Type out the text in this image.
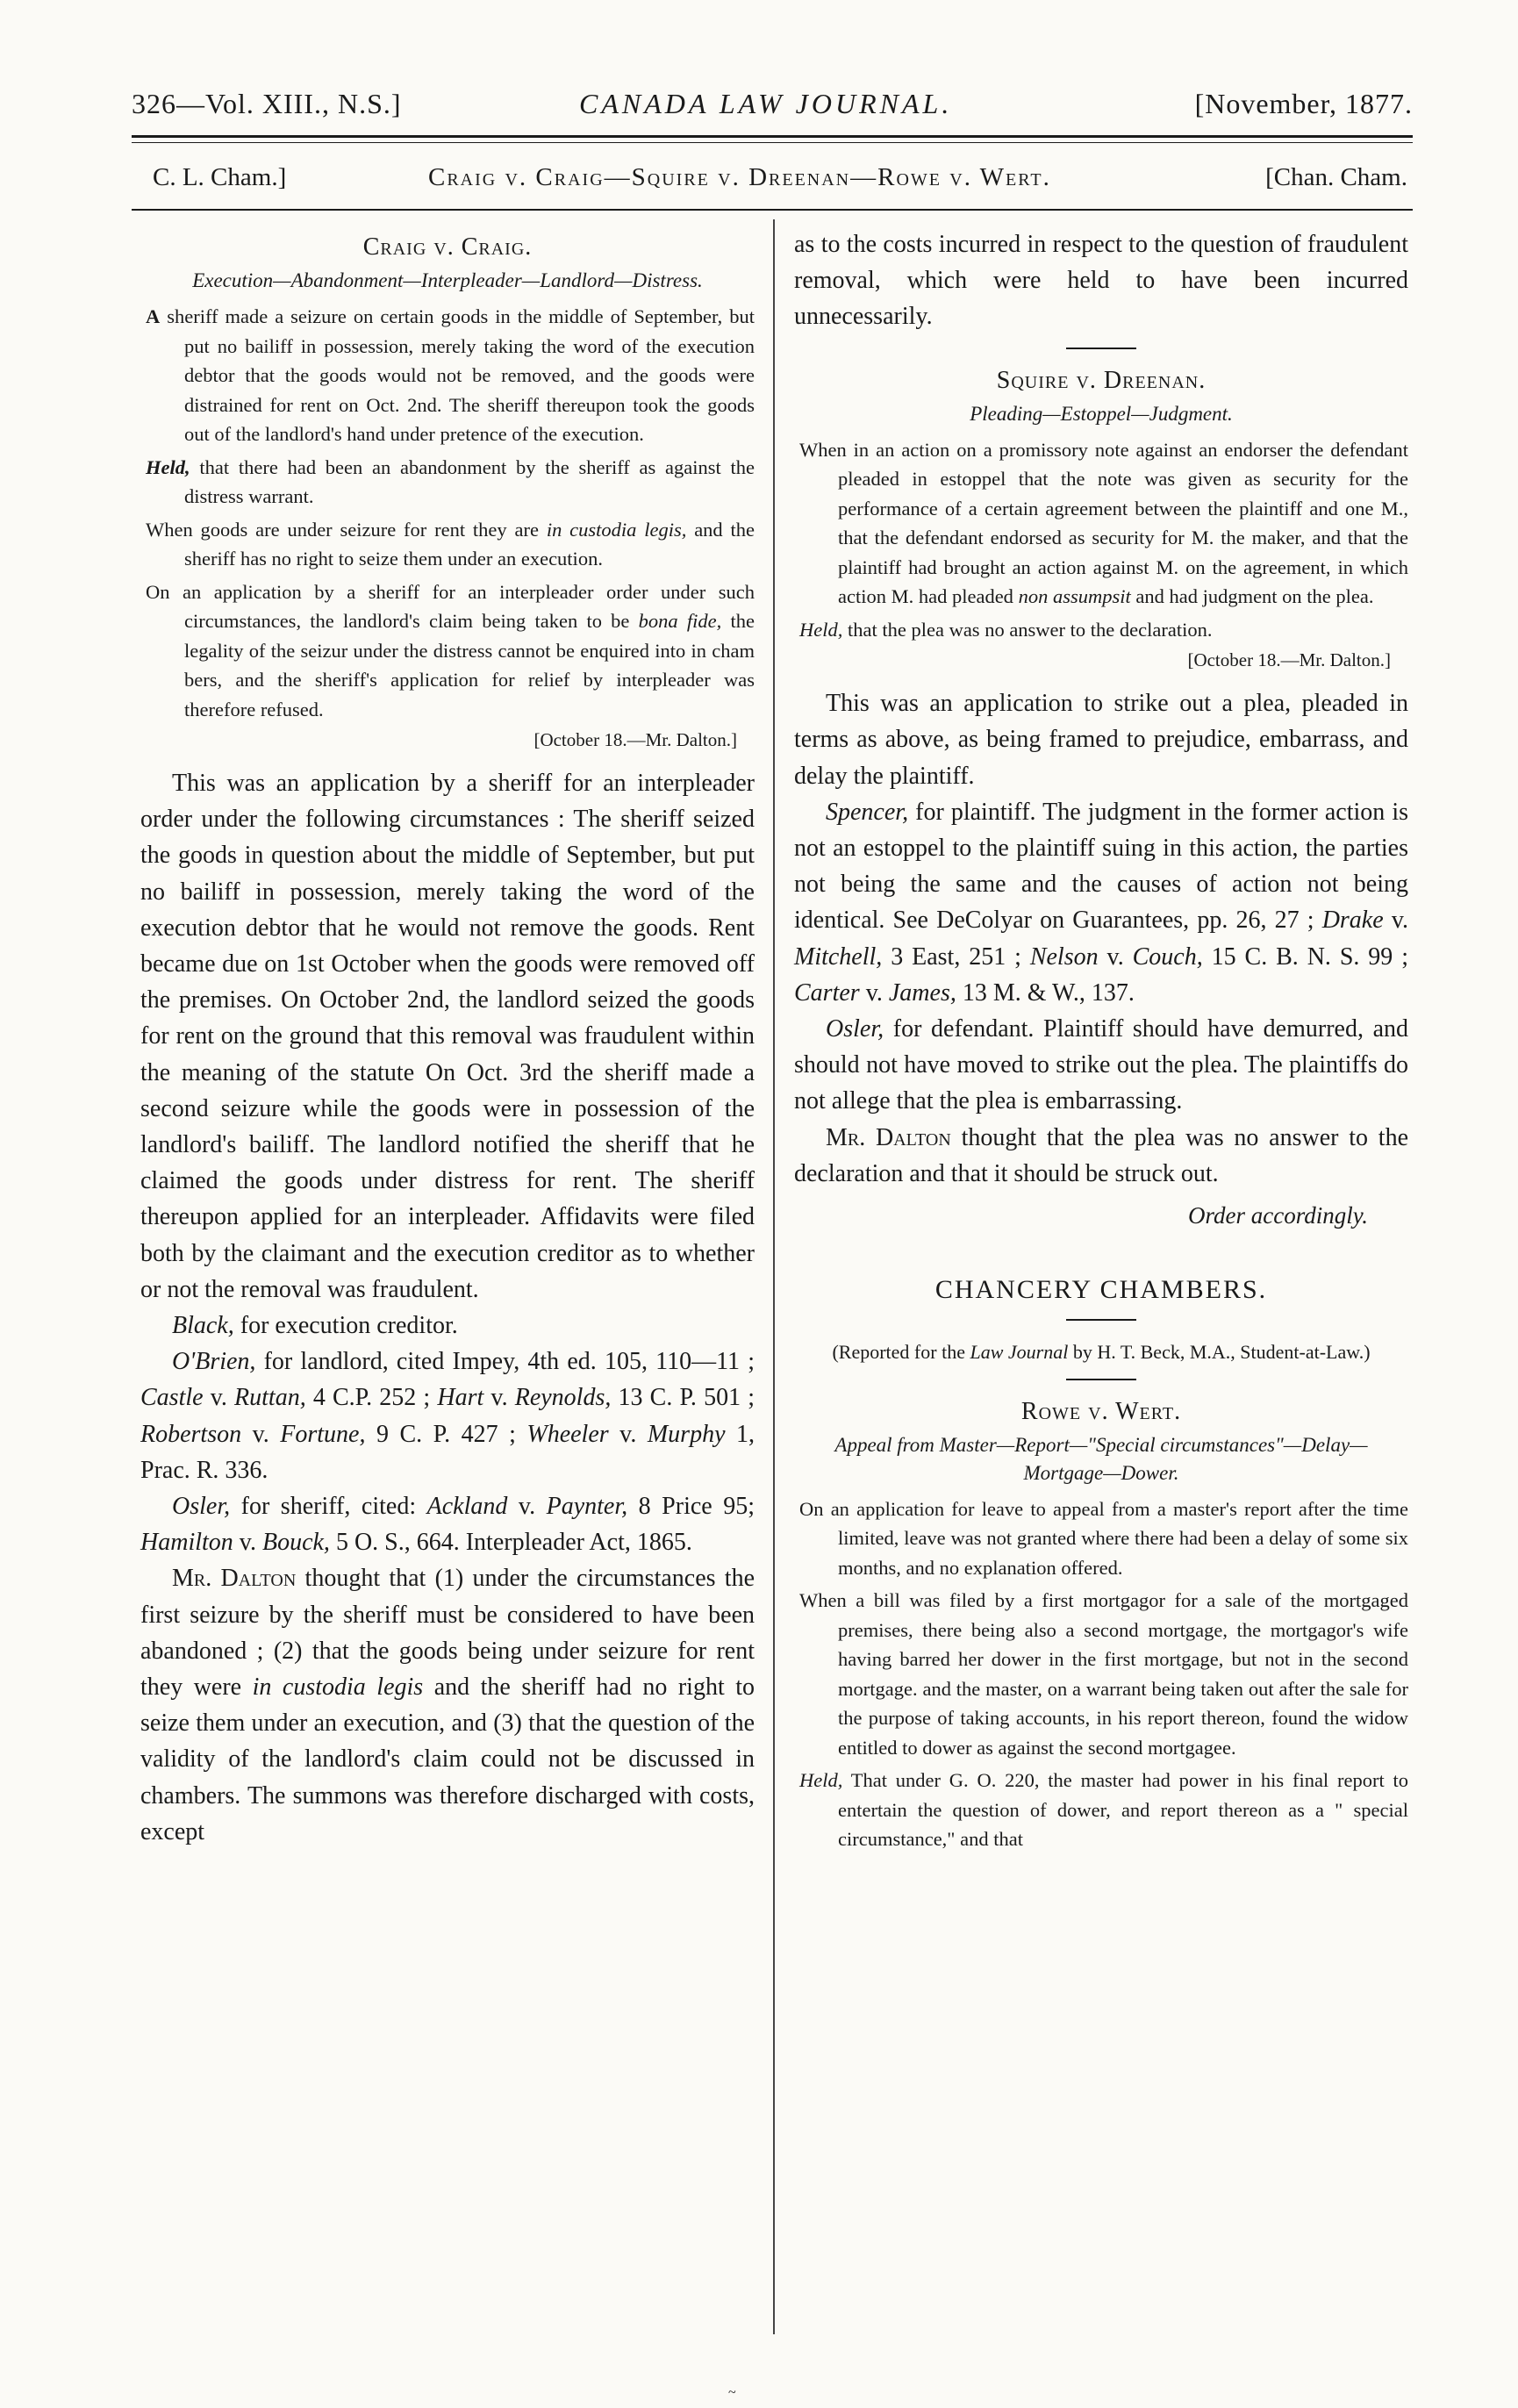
326—Vol. XIII., N.S.]	CANADA LAW JOURNAL.	[November, 1877.
C. L. Cham.]	Craig v. Craig—Squire v. Dreenan—Rowe v. Wert.	[Chan. Cham.
Craig v. Craig.
Execution—Abandonment—Interpleader—Landlord—Distress.

A sheriff made a seizure on certain goods in the middle of September, but put no bailiff in possession, merely taking the word of the execution debtor that the goods would not be removed, and the goods were distrained for rent on Oct. 2nd. The sheriff thereupon took the goods out of the landlord's hand under pretence of the execution.

Held, that there had been an abandonment by the sheriff as against the distress warrant.

When goods are under seizure for rent they are in custodia legis, and the sheriff has no right to seize them under an execution.

On an application by a sheriff for an interpleader order under such circumstances, the landlord's claim being taken to be bona fide, the legality of the seizur under the distress cannot be enquired into in cham bers, and the sheriff's application for relief by interpleader was therefore refused.

[October 18.—Mr. Dalton.]

This was an application by a sheriff for an interpleader order under the following circumstances : The sheriff seized the goods in question about the middle of September, but put no bailiff in possession, merely taking the word of the execution debtor that he would not remove the goods. Rent became due on 1st October when the goods were removed off the premises. On October 2nd, the landlord seized the goods for rent on the ground that this removal was fraudulent within the meaning of the statute On Oct. 3rd the sheriff made a second seizure while the goods were in possession of the landlord's bailiff. The landlord notified the sheriff that he claimed the goods under distress for rent. The sheriff thereupon applied for an interpleader. Affidavits were filed both by the claimant and the execution creditor as to whether or not the removal was fraudulent.

Black, for execution creditor.

O'Brien, for landlord, cited Impey, 4th ed. 105, 110—11 ; Castle v. Ruttan, 4 C.P. 252 ; Hart v. Reynolds, 13 C. P. 501 ; Robertson v. Fortune, 9 C. P. 427 ; Wheeler v. Murphy 1, Prac. R. 336.

Osler, for sheriff, cited: Ackland v. Paynter, 8 Price 95; Hamilton v. Bouck, 5 O. S., 664. Interpleader Act, 1865.

Mr. Dalton thought that (1) under the circumstances the first seizure by the sheriff must be considered to have been abandoned ; (2) that the goods being under seizure for rent they were in custodia legis and the sheriff had no right to seize them under an execution, and (3) that the question of the validity of the landlord's claim could not be discussed in chambers. The summons was therefore discharged with costs, except

as to the costs incurred in respect to the question of fraudulent removal, which were held to have been incurred unnecessarily.

Squire v. Dreenan.
Pleading—Estoppel—Judgment.

When in an action on a promissory note against an endorser the defendant pleaded in estoppel that the note was given as security for the performance of a certain agreement between the plaintiff and one M., that the defendant endorsed as security for M. the maker, and that the plaintiff had brought an action against M. on the agreement, in which action M. had pleaded non assumpsit and had judgment on the plea.

Held, that the plea was no answer to the declaration.

[October 18.—Mr. Dalton.]

This was an application to strike out a plea, pleaded in terms as above, as being framed to prejudice, embarrass, and delay the plaintiff.

Spencer, for plaintiff. The judgment in the former action is not an estoppel to the plaintiff suing in this action, the parties not being the same and the causes of action not being identical. See DeColyar on Guarantees, pp. 26, 27 ; Drake v. Mitchell, 3 East, 251 ; Nelson v. Couch, 15 C. B. N. S. 99 ; Carter v. James, 13 M. & W., 137.

Osler, for defendant. Plaintiff should have demurred, and should not have moved to strike out the plea. The plaintiffs do not allege that the plea is embarrassing.

Mr. Dalton thought that the plea was no answer to the declaration and that it should be struck out.

Order accordingly.
CHANCERY CHAMBERS.
(Reported for the Law Journal by H. T. Beck, M.A., Student-at-Law.)
Rowe v. Wert.
Appeal from Master—Report—"Special circumstances"—Delay—Mortgage—Dower.

On an application for leave to appeal from a master's report after the time limited, leave was not granted where there had been a delay of some six months, and no explanation offered.

When a bill was filed by a first mortgagor for a sale of the mortgaged premises, there being also a second mortgage, the mortgagor's wife having barred her dower in the first mortgage, but not in the second mortgage. and the master, on a warrant being taken out after the sale for the purpose of taking accounts, in his report thereon, found the widow entitled to dower as against the second mortgagee.

Held, That under G. O. 220, the master had power in his final report to entertain the question of dower, and report thereon as a " special circumstance," and that

~
